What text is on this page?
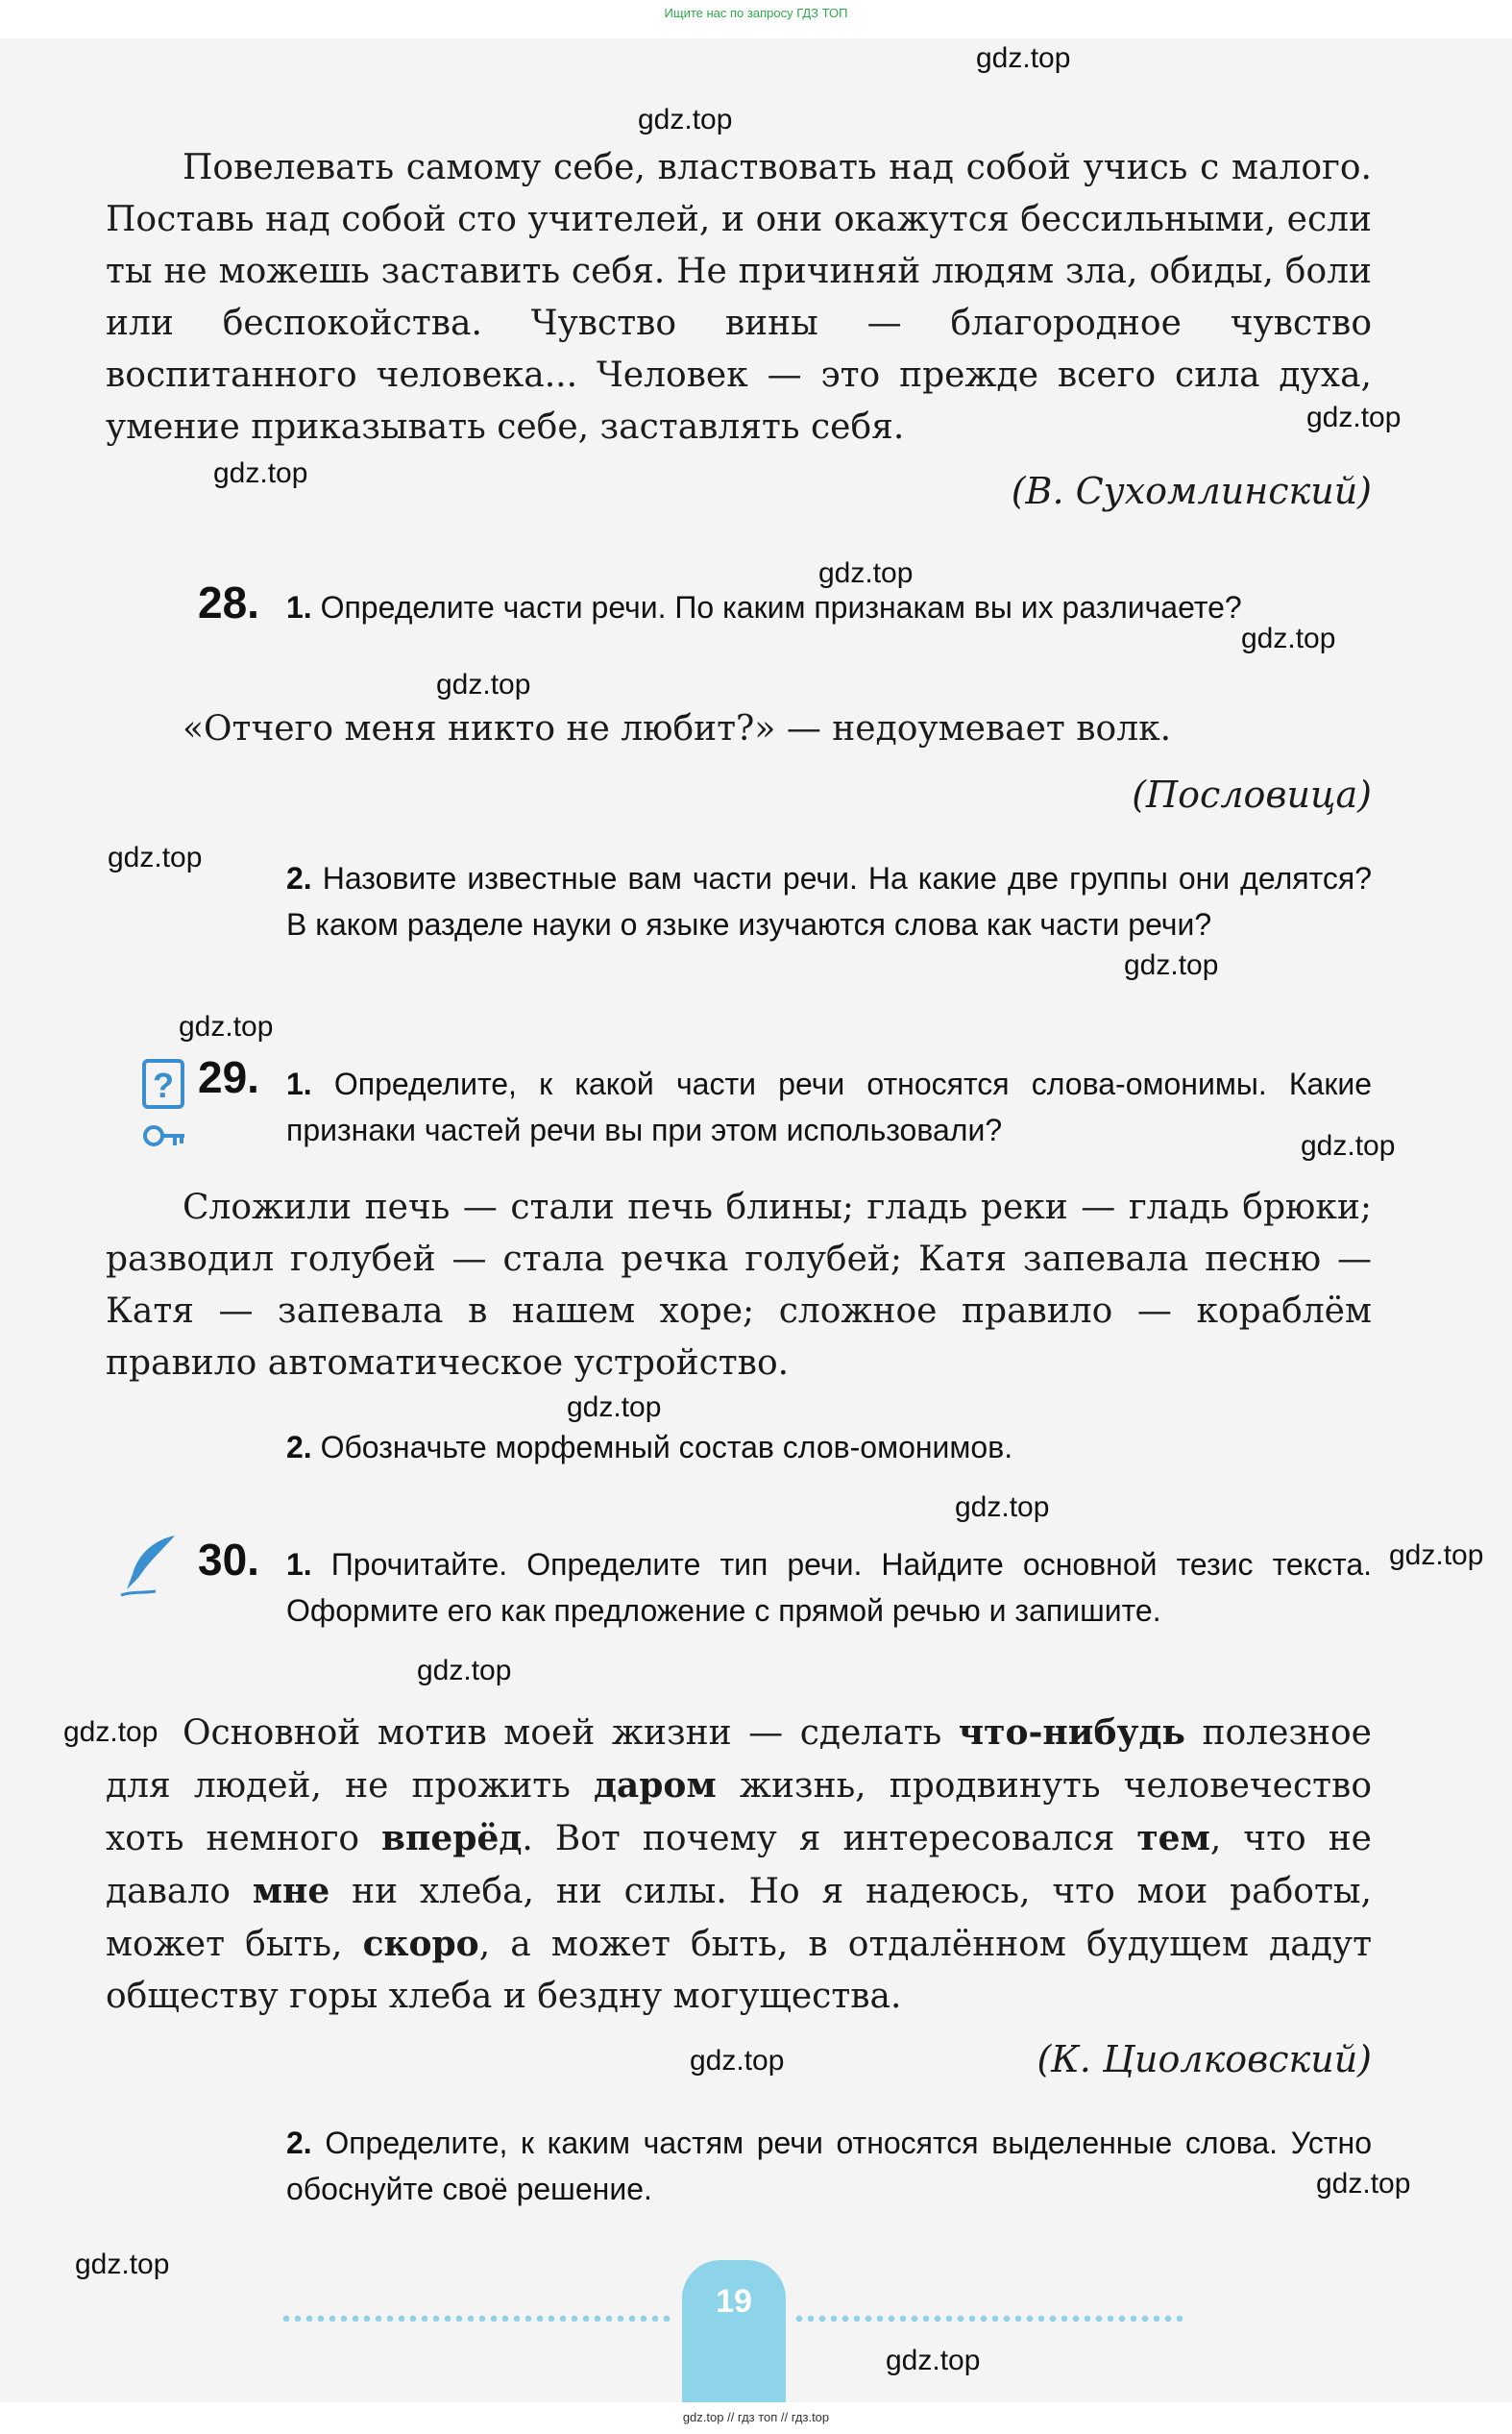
Ищите нас по запросу ГДЗ ТОП

Повелевать самому себе, властвовать над собой учись с малого. Поставь над собой сто учителей, и они окажутся бессильными, если ты не можешь заставить себя. Не причиняй людям зла, обиды, боли или беспокойства. Чувство вины — благородное чувство воспитанного человека... Человек — это прежде всего сила духа, умение приказывать себе, заставлять себя.

(В. Сухомлинский)
28. 1. Определите части речи. По каким признакам вы их различаете?

«Отчего меня никто не любит?» — недоумевает волк.

(Пословица)

2. Назовите известные вам части речи. На какие две группы они делятся? В каком разделе науки о языке изучаются слова как части речи?

? 29. 1. Определите, к какой части речи относятся слова-омонимы. Какие признаки частей речи вы при этом использовали?

Сложили печь — стали печь блины; гладь реки — гладь брюки; разводил голубей — стала речка голубей; Катя запевала песню — Катя — запевала в нашем хоре; сложное правило — кораблём правило автоматическое устройство.

2. Обозначьте морфемный состав слов-омонимов.

30. 1. Прочитайте. Определите тип речи. Найдите основной тезис текста. Оформите его как предложение с прямой речью и запишите.

Основной мотив моей жизни — сделать что-нибудь полезное для людей, не прожить даром жизнь, продвинуть человечество хоть немного вперёд. Вот почему я интересовался тем, что не давало мне ни хлеба, ни силы. Но я надеюсь, что мои работы, может быть, скоро, а может быть, в отдалённом будущем дадут обществу горы хлеба и бездну могущества.

(К. Циолковский)

2. Определите, к каким частям речи относятся выделенные слова. Устно обоснуйте своё решение.

19
gdz.top
gdz.top
gdz.top
gdz.top
gdz.top
gdz.top
gdz.top
gdz.top
gdz.top
gdz.top
gdz.top
gdz.top
gdz.top
gdz.top
gdz.top
gdz.top
gdz.top
gdz.top
gdz.top
gdz.top
gdz.top // гдз топ // гдз.top
